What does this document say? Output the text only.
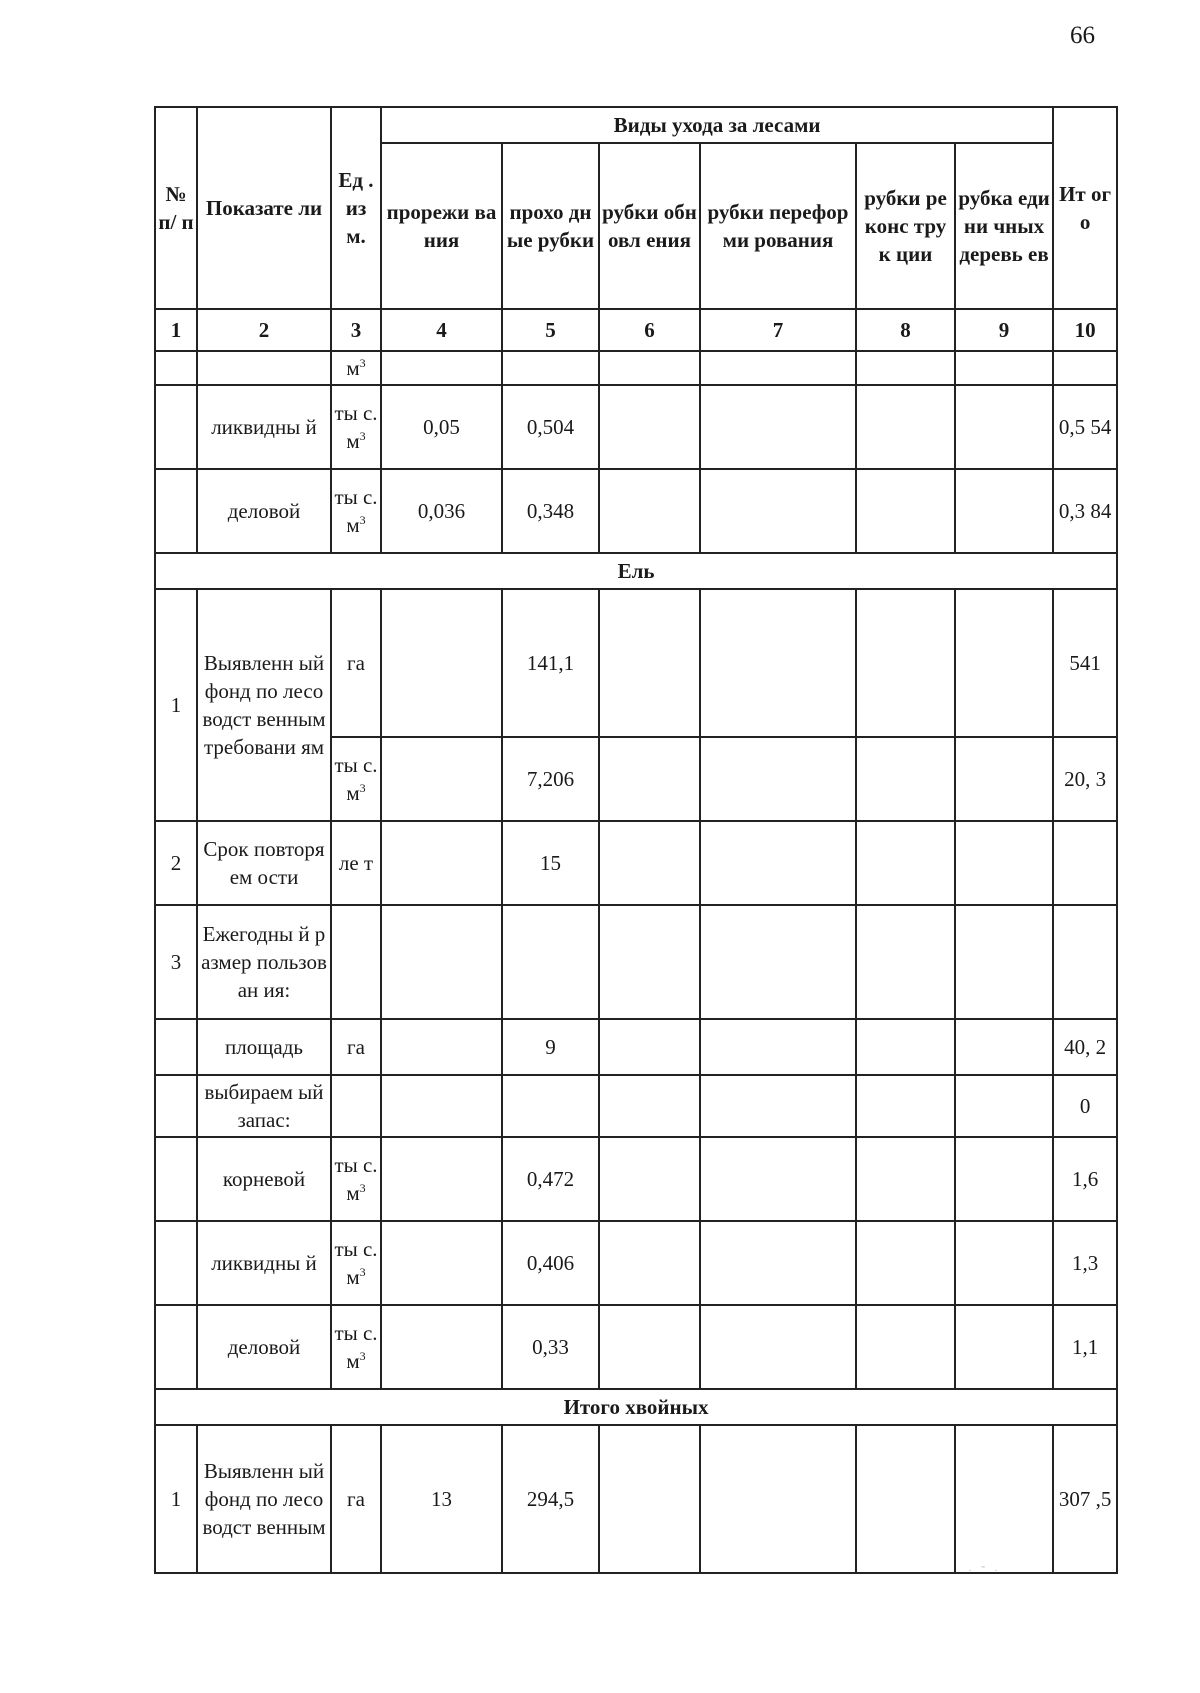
66
№ п/ п	Показате ли	Ед . из м.	Виды ухода за лесами						Ит ого
			прорежи вания	прохо дные рубки	рубки обновл ения	рубки переформи рования	рубки реконс трук ции	рубка едини чных деревь ев	
1	2	3	4	5	6	7	8	9	10
		$м^3$							
	ликвидны й	ты с. $м^3$	0,05	0,504					0,5 54
	деловой	ты с. $м^3$	0,036	0,348					0,3 84
Ель									
1	Выявленн ый фонд по лесоводст венным требовани ям	га		141,1					541
		ты с. $м^3$		7,206					20, 3
2	Срок повторяем ости	ле т		15					
3	Ежегодны й размер пользован ия:								
	площадь	га		9					40, 2
	выбираем ый запас:								0
	корневой	ты с. $м^3$		0,472					1,6
	ликвидны й	ты с. $м^3$		0,406					1,3
	деловой	ты с. $м^3$		0,33					1,1
Итого хвойных									
1	Выявленн ый фонд по лесоводст венным	га	13	294,5					307 ,5
· ˜ ·
